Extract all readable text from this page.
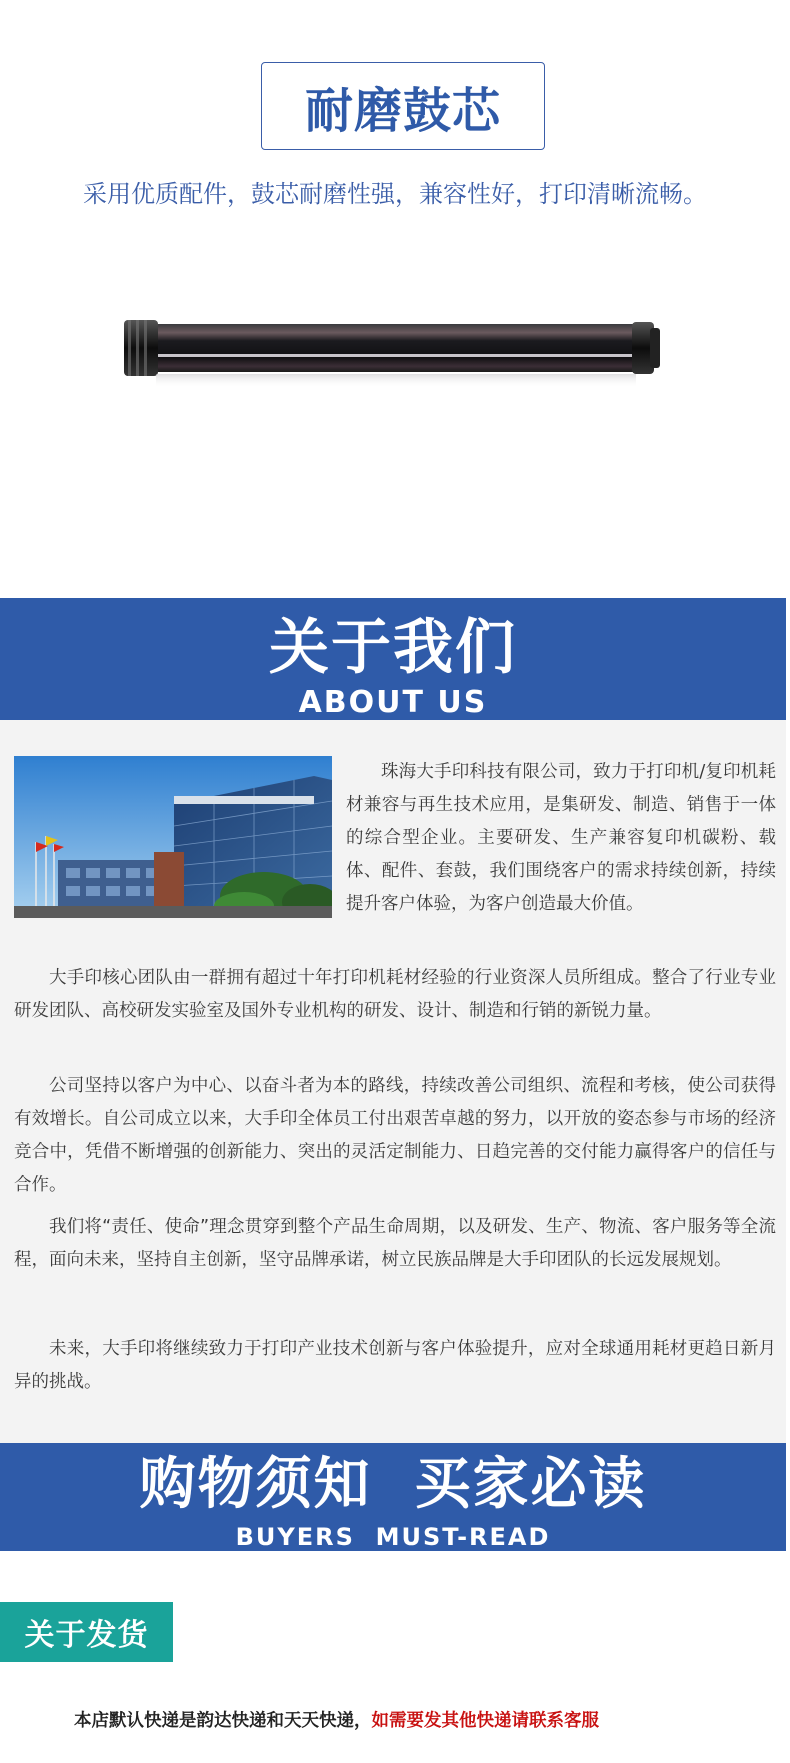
耐磨鼓芯
采用优质配件，鼓芯耐磨性强，兼容性好，打印清晰流畅。
关于我们
ABOUT US
珠海大手印科技有限公司，致力于打印机/复印机耗材兼容与再生技术应用，是集研发、制造、销售于一体的综合型企业。主要研发、生产兼容复印机碳粉、载体、配件、套鼓，我们围绕客户的需求持续创新，持续提升客户体验，为客户创造最大价值。
大手印核心团队由一群拥有超过十年打印机耗材经验的行业资深人员所组成。整合了行业专业研发团队、高校研发实验室及国外专业机构的研发、设计、制造和行销的新锐力量。
公司坚持以客户为中心、以奋斗者为本的路线，持续改善公司组织、流程和考核，使公司获得有效增长。自公司成立以来，大手印全体员工付出艰苦卓越的努力，以开放的姿态参与市场的经济竞合中，凭借不断增强的创新能力、突出的灵活定制能力、日趋完善的交付能力赢得客户的信任与合作。
我们将“责任、使命”理念贯穿到整个产品生命周期，以及研发、生产、物流、客户服务等全流程，面向未来，坚持自主创新，坚守品牌承诺，树立民族品牌是大手印团队的长远发展规划。
未来，大手印将继续致力于打印产业技术创新与客户体验提升，应对全球通用耗材更趋日新月异的挑战。
购物须知  买家必读
BUYERS  MUST-READ
关于发货
本店默认快递是韵达快递和天天快递，如需要发其他快递请联系客服
